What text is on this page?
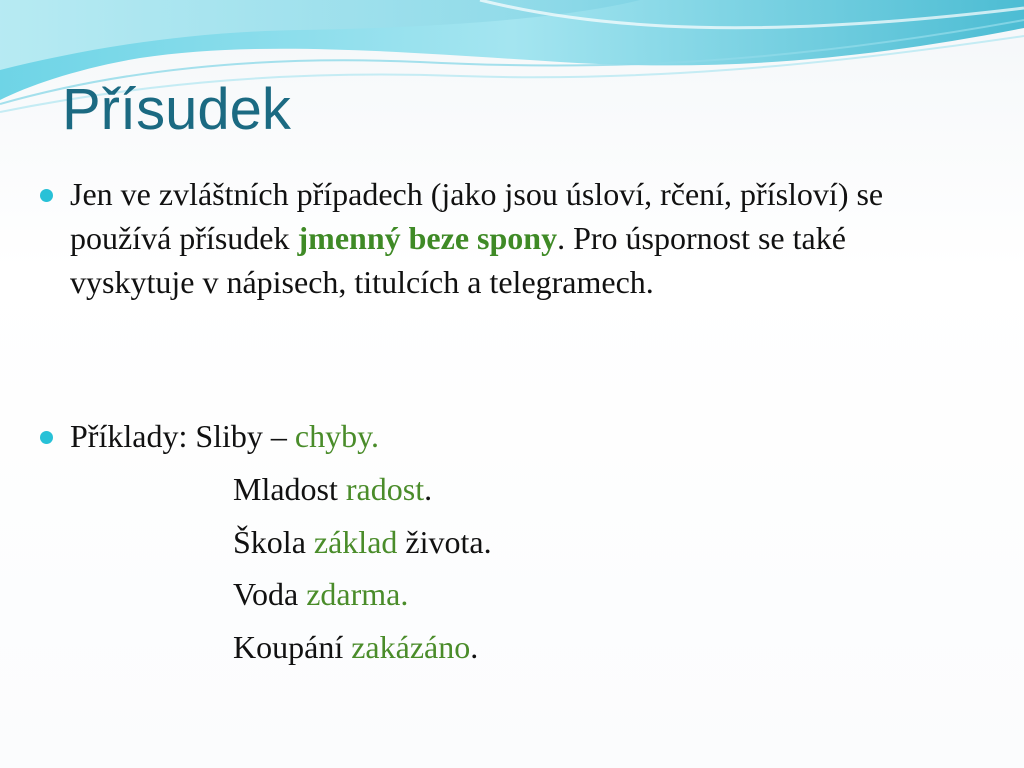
Přísudek
Jen ve zvláštních případech (jako jsou úsloví, rčení, přísloví) se používá přísudek jmenný beze spony. Pro úspornost se také vyskytuje v nápisech, titulcích a telegramech.
Příklady: Sliby – chyby.
Mladost radost.
Škola základ života.
Voda zdarma.
Koupání zakázáno.
